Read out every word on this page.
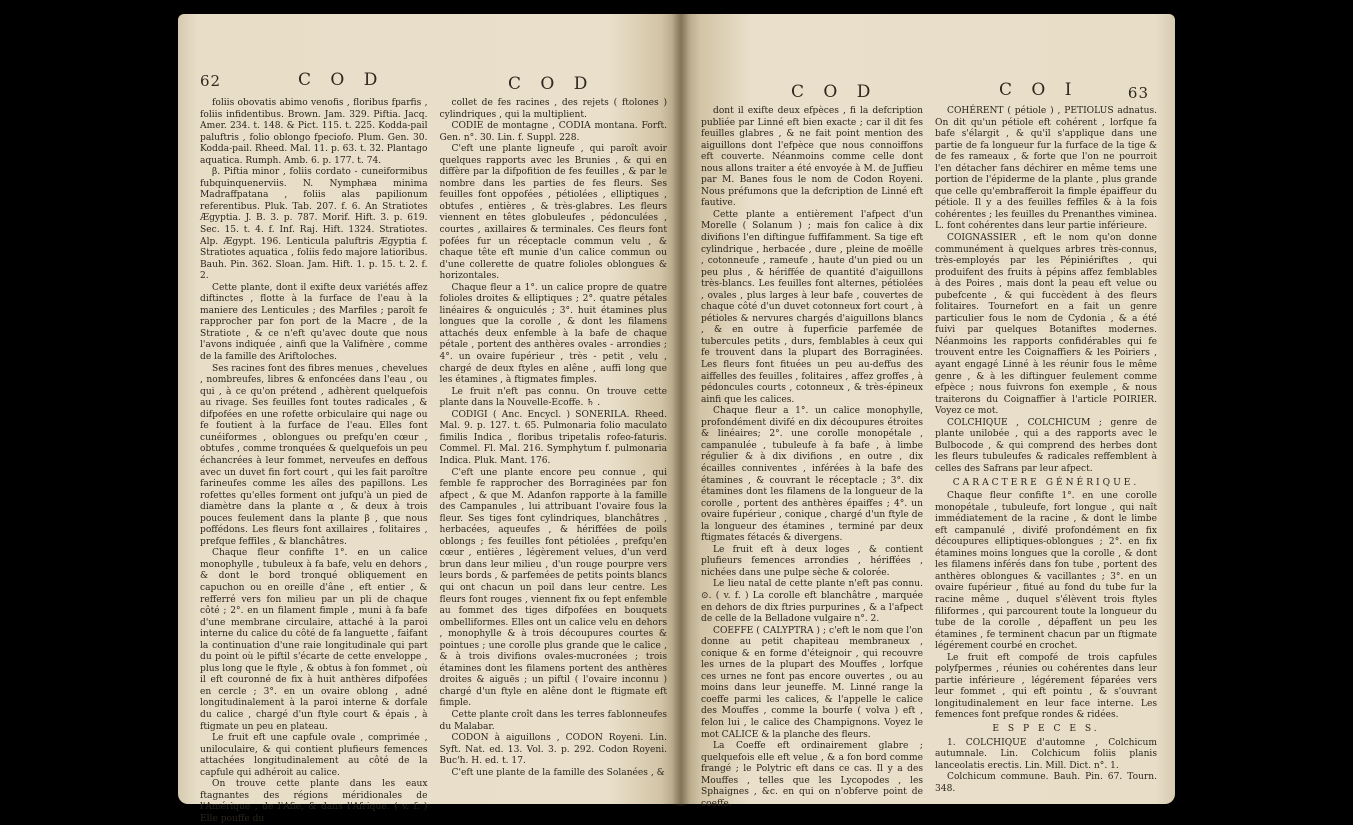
62	C O D	C O D

foliis obovatis abimo venofis , floribus fparfis , foliis infidentibus. Brown. Jam. 329. Piftia. Jacq. Amer. 234. t. 148. & Pict. 115. t. 225. Kodda-pail paluftris , folio oblongo fpeciofo. Plum. Gen. 30. Kodda-pail. Rheed. Mal. 11. p. 63. t. 32. Plantago aquatica. Rumph. Amb. 6. p. 177. t. 74.

β. Piftia minor , foliis cordato - cuneiformibus fubquinquenerviis. N. Nymphæa minima Madraffpatana , foliis alas papilionum referentibus. Pluk. Tab. 207. f. 6. An Stratiotes Ægyptia. J. B. 3. p. 787. Morif. Hift. 3. p. 619. Sec. 15. t. 4. f. Inf. Raj. Hift. 1324. Stratiotes. Alp. Ægypt. 196. Lenticula paluftris Ægyptia f. Stratiotes aquatica , foliis fedo majore latioribus. Bauh. Pin. 362. Sloan. Jam. Hift. 1. p. 15. t. 2. f. 2.

Cette plante, dont il exifte deux variétés affez diftinctes , flotte à la furface de l'eau à la maniere des Lenticules ; des Marfiles ; paroît fe rapprocher par fon port de la Macre , de la Stratiote , & ce n'eft qu'avec doute que nous l'avons indiquée , ainfi que la Valifnère , comme de la famille des Ariftoloches.

Ses racines font des fibres menues , chevelues , nombreufes, libres & enfoncées dans l'eau , ou qui , à ce qu'on prétend , adhèrent quelquefois au rivage. Ses feuilles font toutes radicales , & difpofées en une rofette orbiculaire qui nage ou fe foutient à la furface de l'eau. Elles font cunéiformes , oblongues ou prefqu'en cœur , obtufes , comme tronquées & quelquefois un peu échancrées à leur fommet, nerveufes en deffous avec un duvet fin fort court , qui les fait paroître farineufes comme les aîles des papillons. Les rofettes qu'elles forment ont jufqu'à un pied de diamètre dans la plante α , & deux à trois pouces feulement dans la plante β , que nous poffédons. Les fleurs font axillaires , folitaires , prefque feffiles , & blanchâtres.

Chaque fleur confifte 1°. en un calice monophylle , tubuleux à fa bafe, velu en dehors , & dont le bord tronqué obliquement en capuchon ou en oreille d'âne , eft entier , & refferré vers fon milieu par un pli de chaque côté ; 2°. en un filament fimple , muni à fa bafe d'une membrane circulaire, attaché à la paroi interne du calice du côté de fa languette , faifant la continuation d'une raie longitudinale qui part du point où le piftil s'écarte de cette enveloppe , plus long que le ftyle , & obtus à fon fommet , où il eft couronné de fix à huit anthères difpofées en cercle ; 3°. en un ovaire oblong , adné longitudinalement à la paroi interne & dorfale du calice , chargé d'un ftyle court & épais , à ftigmate un peu en plateau.

Le fruit eft une capfule ovale , comprimée , uniloculaire, & qui contient plufieurs femences attachées longitudinalement au côté de la capfule qui adhéroit au calice.

On trouve cette plante dans les eaux ftagnantes des régions méridionales de l'Amérique , de l'Afie, & dans l'Afrique. ( v. f. ) Elle pouffe du

collet de fes racines , des rejets ( ftolones ) cylindriques , qui la multiplient.

CODIE de montagne , CODIA montana. Forft. Gen. n°. 30. Lin. f. Suppl. 228.

C'eft une plante ligneufe , qui paroît avoir quelques rapports avec les Brunies , & qui en diffère par la difpofition de fes feuilles , & par le nombre dans les parties de fes fleurs. Ses feuilles font oppofées , pétiolées , elliptiques , obtufes , entières , & très-glabres. Les fleurs viennent en têtes globuleufes , pédonculées , courtes , axillaires & terminales. Ces fleurs font pofées fur un réceptacle commun velu , & chaque tête eft munie d'un calice commun ou d'une collerette de quatre folioles oblongues & horizontales.

Chaque fleur a 1°. un calice propre de quatre folioles droites & elliptiques ; 2°. quatre pétales linéaires & onguiculés ; 3°. huit étamines plus longues que la corolle , & dont les filamens attachés deux enfemble à la bafe de chaque pétale , portent des anthères ovales - arrondies ; 4°. un ovaire fupérieur , très - petit , velu , chargé de deux ftyles en alêne , auffi long que les étamines , à ftigmates fimples.

Le fruit n'eft pas connu. On trouve cette plante dans la Nouvelle-Ecoffe. ♄ .

CODIGI ( Anc. Encycl. ) SONERILA. Rheed. Mal. 9. p. 127. t. 65. Pulmonaria folio maculato fimilis Indica , floribus tripetalis rofeo-faturis. Commel. Fl. Mal. 216. Symphytum f. pulmonaria Indica. Pluk. Mant. 176.

C'eft une plante encore peu connue , qui femble fe rapprocher des Borraginées par fon afpect , & que M. Adanfon rapporte à la famille des Campanules , lui attribuant l'ovaire fous la fleur. Ses tiges font cylindriques, blanchâtres , herbacées, aqueufes , & hériffées de poils oblongs ; fes feuilles font pétiolées , prefqu'en cœur , entières , légèrement velues, d'un verd brun dans leur milieu , d'un rouge pourpre vers leurs bords , & parfemées de petits points blancs qui ont chacun un poil dans leur centre. Les fleurs font rouges , viennent fix ou fept enfemble au fommet des tiges difpofées en bouquets ombelliformes. Elles ont un calice velu en dehors , monophylle & à trois découpures courtes & pointues ; une corolle plus grande que le calice , & à trois divifions ovales-mucronées ; trois étamines dont les filamens portent des anthères droites & aiguës ; un piftil ( l'ovaire inconnu ) chargé d'un ftyle en alêne dont le ftigmate eft fimple.

Cette plante croît dans les terres fablonneufes du Malabar.

CODON à aiguillons , CODON Royeni. Lin. Syft. Nat. ed. 13. Vol. 3. p. 292. Codon Royeni. Buc'h. H. ed. t. 17.

C'eft une plante de la famille des Solanées , &

63
C O D	C O I

dont il exifte deux efpèces , fi la defcription publiée par Linné eft bien exacte ; car il dit fes feuilles glabres , & ne fait point mention des aiguillons dont l'efpèce que nous connoiffons eft couverte. Néanmoins comme celle dont nous allons traiter a été envoyée à M. de Juffieu par M. Banes fous le nom de Codon Royeni. Nous préfumons que la defcription de Linné eft fautive.

Cette plante a entièrement l'afpect d'un Morelle ( Solanum ) ; mais fon calice à dix divifions l'en diftingue fuffifamment. Sa tige eft cylindrique , herbacée , dure , pleine de moëlle , cotonneufe , rameufe , haute d'un pied ou un peu plus , & hériffée de quantité d'aiguillons très-blancs. Les feuilles font alternes, pétiolées , ovales , plus larges à leur bafe , couvertes de chaque côté d'un duvet cotonneux fort court , à pétioles & nervures chargés d'aiguillons blancs , & en outre à fuperficie parfemée de tubercules petits , durs, femblables à ceux qui fe trouvent dans la plupart des Borraginées. Les fleurs font fituées un peu au-deffus des aiffelles des feuilles , folitaires , affez groffes , à pédoncules courts , cotonneux , & très-épineux ainfi que les calices.

Chaque fleur a 1°. un calice monophylle, profondément divifé en dix découpures étroites & linéaires; 2°. une corolle monopétale , campanulée , tubuleufe à fa bafe , à limbe régulier & à dix divifions , en outre , dix écailles conniventes , inférées à la bafe des étamines , & couvrant le réceptacle ; 3°. dix étamines dont les filamens de la longueur de la corolle , portent des anthères épaiffes ; 4°. un ovaire fupérieur , conique , chargé d'un ftyle de la longueur des étamines , terminé par deux ftigmates fétacés & divergens.

Le fruit eft à deux loges , & contient plufieurs femences arrondies , hériffées , nichées dans une pulpe sèche & colorée.

Le lieu natal de cette plante n'eft pas connu. ⊙. ( v. f. ) La corolle eft blanchâtre , marquée en dehors de dix ftries purpurines , & a l'afpect de celle de la Belladone vulgaire n°. 2.

COEFFE ( CALYPTRA ) ; c'eft le nom que l'on donne au petit chapiteau membraneux , conique & en forme d'éteignoir , qui recouvre les urnes de la plupart des Mouffes , lorfque ces urnes ne font pas encore ouvertes , ou au moins dans leur jeuneffe. M. Linné range la coeffe parmi les calices, & l'appelle le calice des Mouffes , comme la bourfe ( volva ) eft , felon lui , le calice des Champignons. Voyez le mot CALICE & la planche des fleurs.

La Coeffe eft ordinairement glabre ; quelquefois elle eft velue , & a fon bord comme frangé ; le Polytric eft dans ce cas. Il y a des Mouffes , telles que les Lycopodes , les Sphaignes , &c. en qui on n'obferve point de coeffe.

COHÉRENT ( pétiole ) , PETIOLUS adnatus. On dit qu'un pétiole eft cohérent , lorfque fa bafe s'élargit , & qu'il s'applique dans une partie de fa longueur fur la furface de la tige & de fes rameaux , & forte que l'on ne pourroit l'en détacher fans déchirer en même tems une portion de l'épiderme de la plante , plus grande que celle qu'embrafferoit la fimple épaiffeur du pétiole. Il y a des feuilles feffiles & à la fois cohérentes ; les feuilles du Prenanthes viminea. L. font cohérentes dans leur partie inférieure.

COIGNASSIER , eft le nom qu'on donne communément à quelques arbres très-connus, très-employés par les Pépiniériftes , qui produifent des fruits à pépins affez femblables à des Poires , mais dont la peau eft velue ou pubefcente , & qui fuccèdent à des fleurs folitaires. Tournefort en a fait un genre particulier fous le nom de Cydonia , & a été fuivi par quelques Botaniftes modernes. Néanmoins les rapports confidérables qui fe trouvent entre les Coignaffiers & les Poiriers , ayant engagé Linné à les réunir fous le même genre , & à les diftinguer feulement comme efpèce ; nous fuivrons fon exemple , & nous traiterons du Coignaffier à l'article POIRIER. Voyez ce mot.

COLCHIQUE , COLCHICUM ; genre de plante unilobée , qui a des rapports avec le Bulbocode , & qui comprend des herbes dont les fleurs tubuleufes & radicales reffemblent à celles des Safrans par leur afpect.

CARACTERE GÉNÉRIQUE.

Chaque fleur confifte 1°. en une corolle monopétale , tubuleufe, fort longue , qui naît immédiatement de la racine , & dont le limbe eft campanulé , divifé profondément en fix découpures elliptiques-oblongues ; 2°. en fix étamines moins longues que la corolle , & dont les filamens inférés dans fon tube , portent des anthères oblongues & vacillantes ; 3°. en un ovaire fupérieur , fitué au fond du tube fur la racine même , duquel s'élèvent trois ftyles filiformes , qui parcourent toute la longueur du tube de la corolle , dépaffent un peu les étamines , fe terminent chacun par un ftigmate légérement courbé en crochet.

Le fruit eft compofé de trois capfules polyfpermes , réunies ou cohérentes dans leur partie inférieure , légérement féparées vers leur fommet , qui eft pointu , & s'ouvrant longitudinalement en leur face interne. Les femences font prefque rondes & ridées.

E S P E C E S.

1. COLCHIQUE d'automne , Colchicum autumnale. Lin. Colchicum foliis planis lanceolatis erectis. Lin. Mill. Dict. n°. 1.

Colchicum commune. Bauh. Pin. 67. Tourn. 348.
